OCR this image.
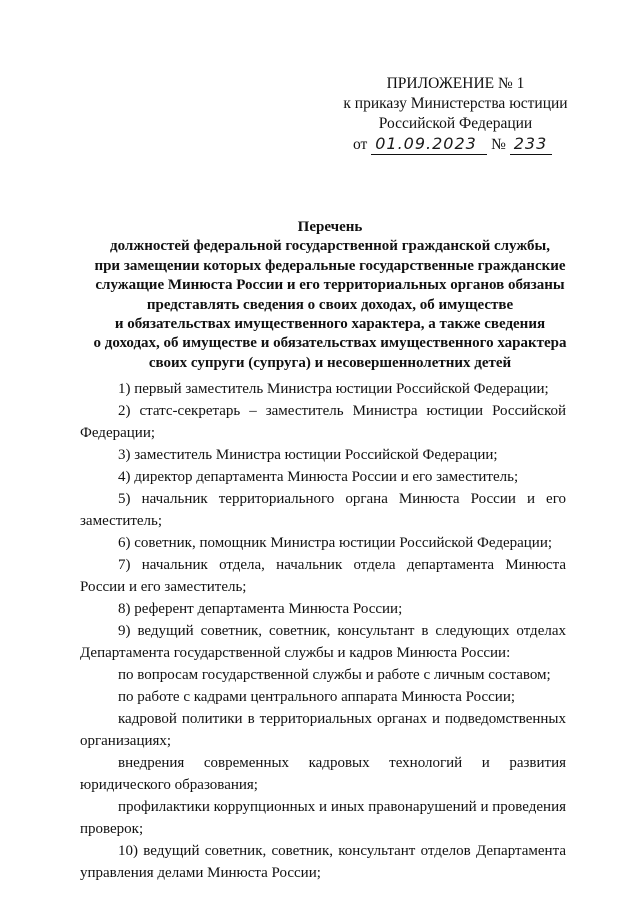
ПРИЛОЖЕНИЕ № 1
к приказу Министерства юстиции
Российской Федерации
от 01.09.2023 № 233
Перечень
должностей федеральной государственной гражданской службы,
при замещении которых федеральные государственные гражданские
служащие Минюста России и его территориальных органов обязаны
представлять сведения о своих доходах, об имуществе
и обязательствах имущественного характера, а также сведения
о доходах, об имуществе и обязательствах имущественного характера
своих супруги (супруга) и несовершеннолетних детей

1) первый заместитель Министра юстиции Российской Федерации;

2) статс-секретарь – заместитель Министра юстиции Российской Федерации;

3) заместитель Министра юстиции Российской Федерации;

4) директор департамента Минюста России и его заместитель;

5) начальник территориального органа Минюста России и его заместитель;

6) советник, помощник Министра юстиции Российской Федерации;

7) начальник отдела, начальник отдела департамента Минюста России и его заместитель;

8) референт департамента Минюста России;

9) ведущий советник, советник, консультант в следующих отделах Департамента государственной службы и кадров Минюста России:

по вопросам государственной службы и работе с личным составом;

по работе с кадрами центрального аппарата Минюста России;

кадровой политики в территориальных органах и подведомственных организациях;

внедрения современных кадровых технологий и развития юридического образования;

профилактики коррупционных и иных правонарушений и проведения проверок;

10) ведущий советник, советник, консультант отделов Департамента управления делами Минюста России;
